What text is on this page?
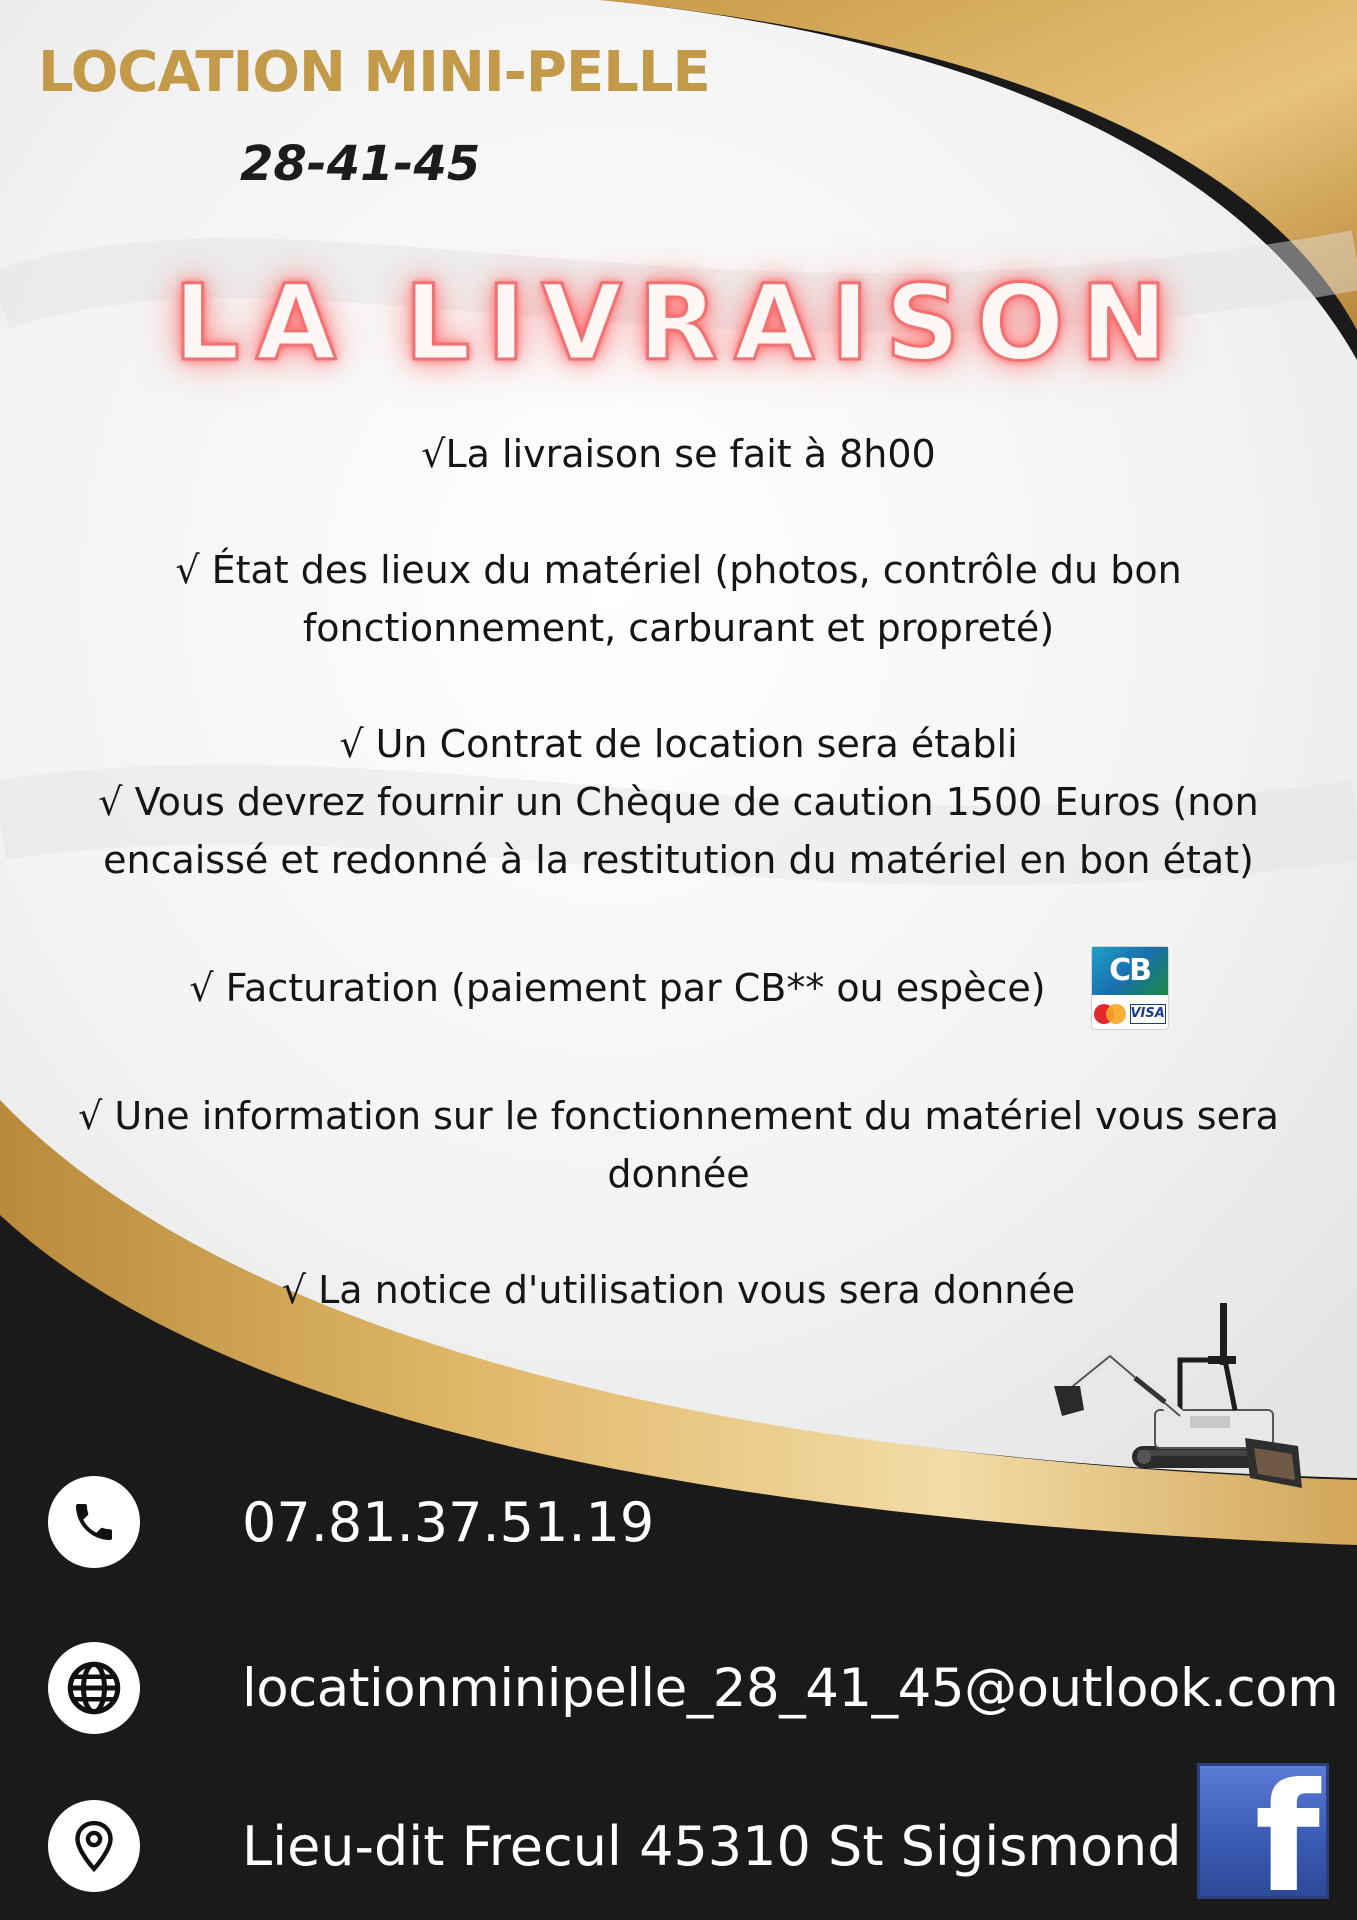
LOCATION MINI-PELLE
28-41-45
LA LIVRAISON
√La livraison se fait à 8h00
√ État des lieux du matériel (photos, contrôle du bon fonctionnement, carburant et propreté)
√ Un Contrat de location sera établi
√ Vous devrez fournir un Chèque de caution 1500 Euros (non encaissé et redonné à la restitution du matériel en bon état)
√ Facturation (paiement par CB** ou espèce)	CB
VISA
√ Une information sur le fonctionnement du matériel vous sera donnée
√ La notice d'utilisation vous sera donnée
07.81.37.51.19
locationminipelle_28_41_45@outlook.com
Lieu-dit Frecul 45310 St Sigismond f
